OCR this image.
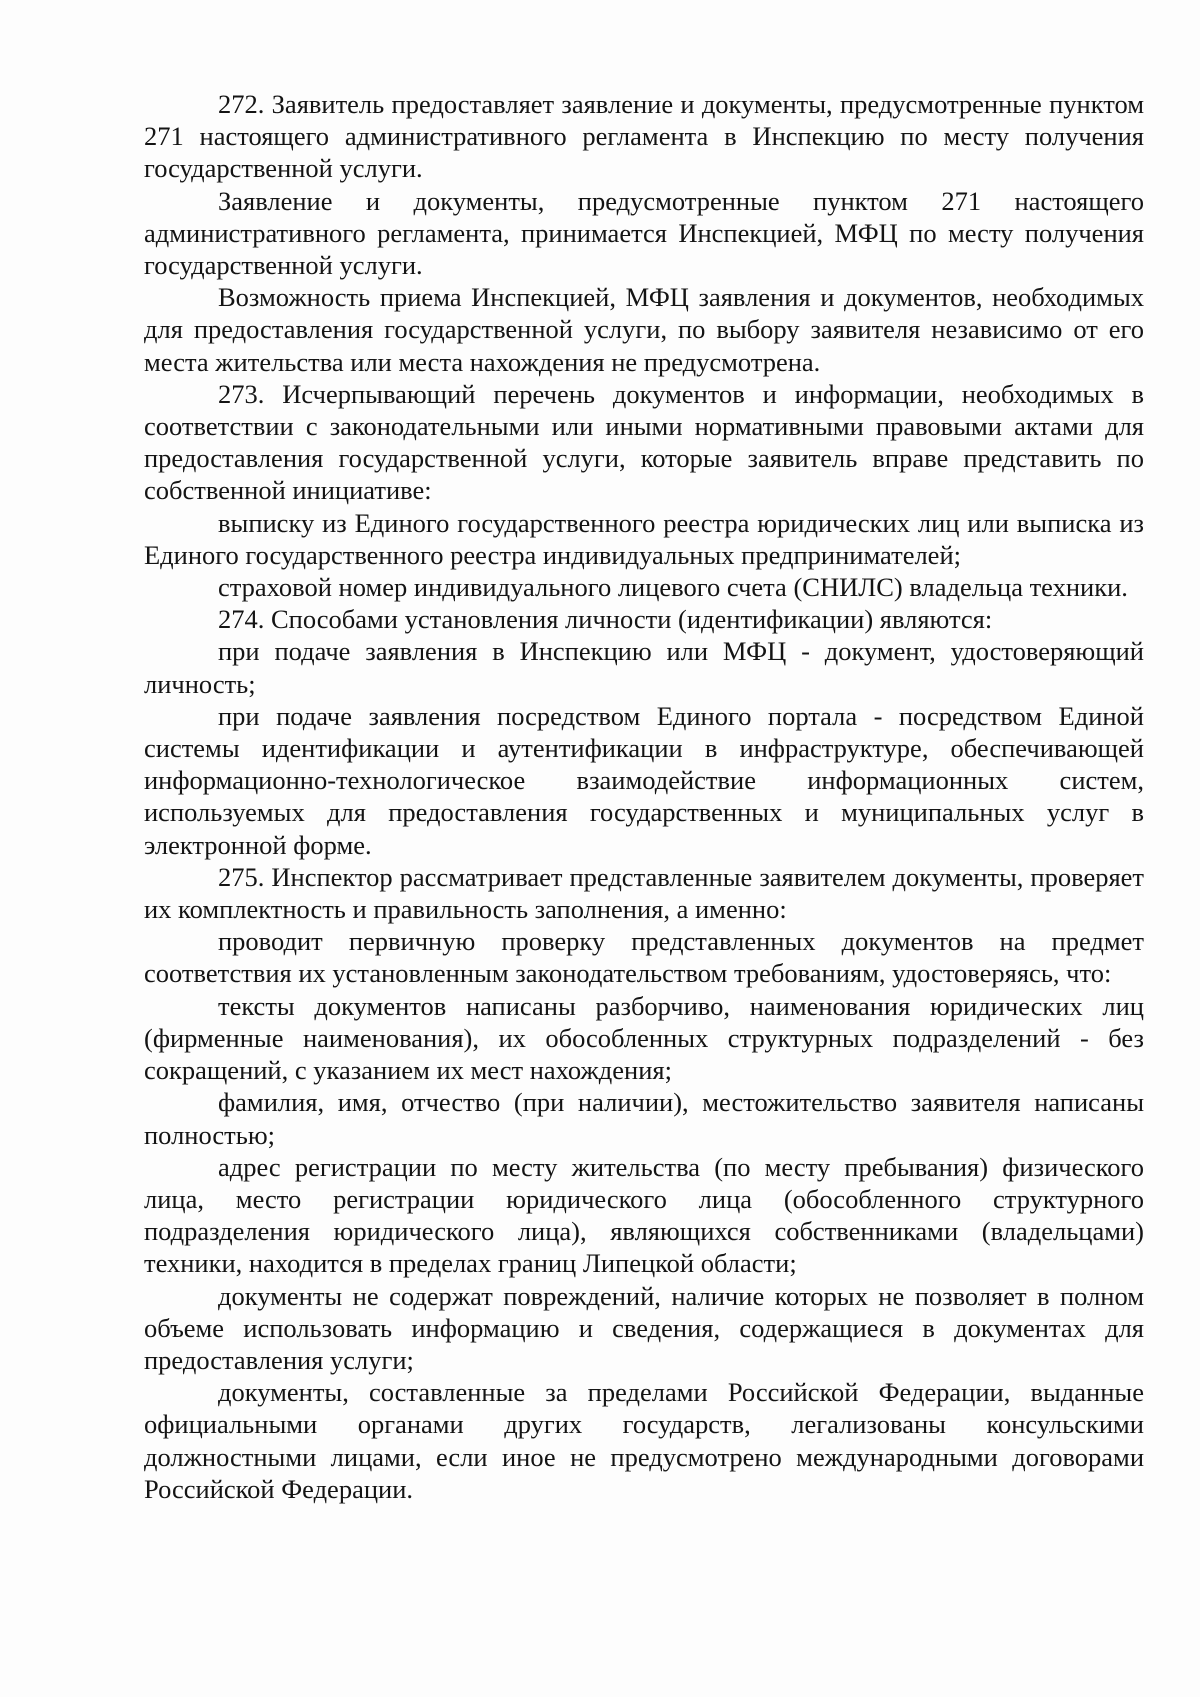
272. Заявитель предоставляет заявление и документы, предусмотренные пунктом 271 настоящего административного регламента в Инспекцию по месту получения государственной услуги.

Заявление и документы, предусмотренные пунктом 271 настоящего административного регламента, принимается Инспекцией, МФЦ по месту получения государственной услуги.

Возможность приема Инспекцией, МФЦ заявления и документов, необходимых для предоставления государственной услуги, по выбору заявителя независимо от его места жительства или места нахождения не предусмотрена.

273. Исчерпывающий перечень документов и информации, необходимых в соответствии с законодательными или иными нормативными правовыми актами для предоставления государственной услуги, которые заявитель вправе представить по собственной инициативе:

выписку из Единого государственного реестра юридических лиц или выписка из Единого государственного реестра индивидуальных предпринимателей;

страховой номер индивидуального лицевого счета (СНИЛС) владельца техники.

274. Способами установления личности (идентификации) являются:

при подаче заявления в Инспекцию или МФЦ - документ, удостоверяющий личность;

при подаче заявления посредством Единого портала - посредством Единой системы идентификации и аутентификации в инфраструктуре, обеспечивающей информационно-технологическое взаимодействие информационных систем, используемых для предоставления государственных и муниципальных услуг в электронной форме.

275. Инспектор рассматривает представленные заявителем документы, проверяет их комплектность и правильность заполнения, а именно:

проводит первичную проверку представленных документов на предмет соответствия их установленным законодательством требованиям, удостоверяясь, что:

тексты документов написаны разборчиво, наименования юридических лиц (фирменные наименования), их обособленных структурных подразделений - без сокращений, с указанием их мест нахождения;

фамилия, имя, отчество (при наличии), местожительство заявителя написаны полностью;

адрес регистрации по месту жительства (по месту пребывания) физического лица, место регистрации юридического лица (обособленного структурного подразделения юридического лица), являющихся собственниками (владельцами) техники, находится в пределах границ Липецкой области;

документы не содержат повреждений, наличие которых не позволяет в полном объеме использовать информацию и сведения, содержащиеся в документах для предоставления услуги;

документы, составленные за пределами Российской Федерации, выданные официальными органами других государств, легализованы консульскими должностными лицами, если иное не предусмотрено международными договорами Российской Федерации.
